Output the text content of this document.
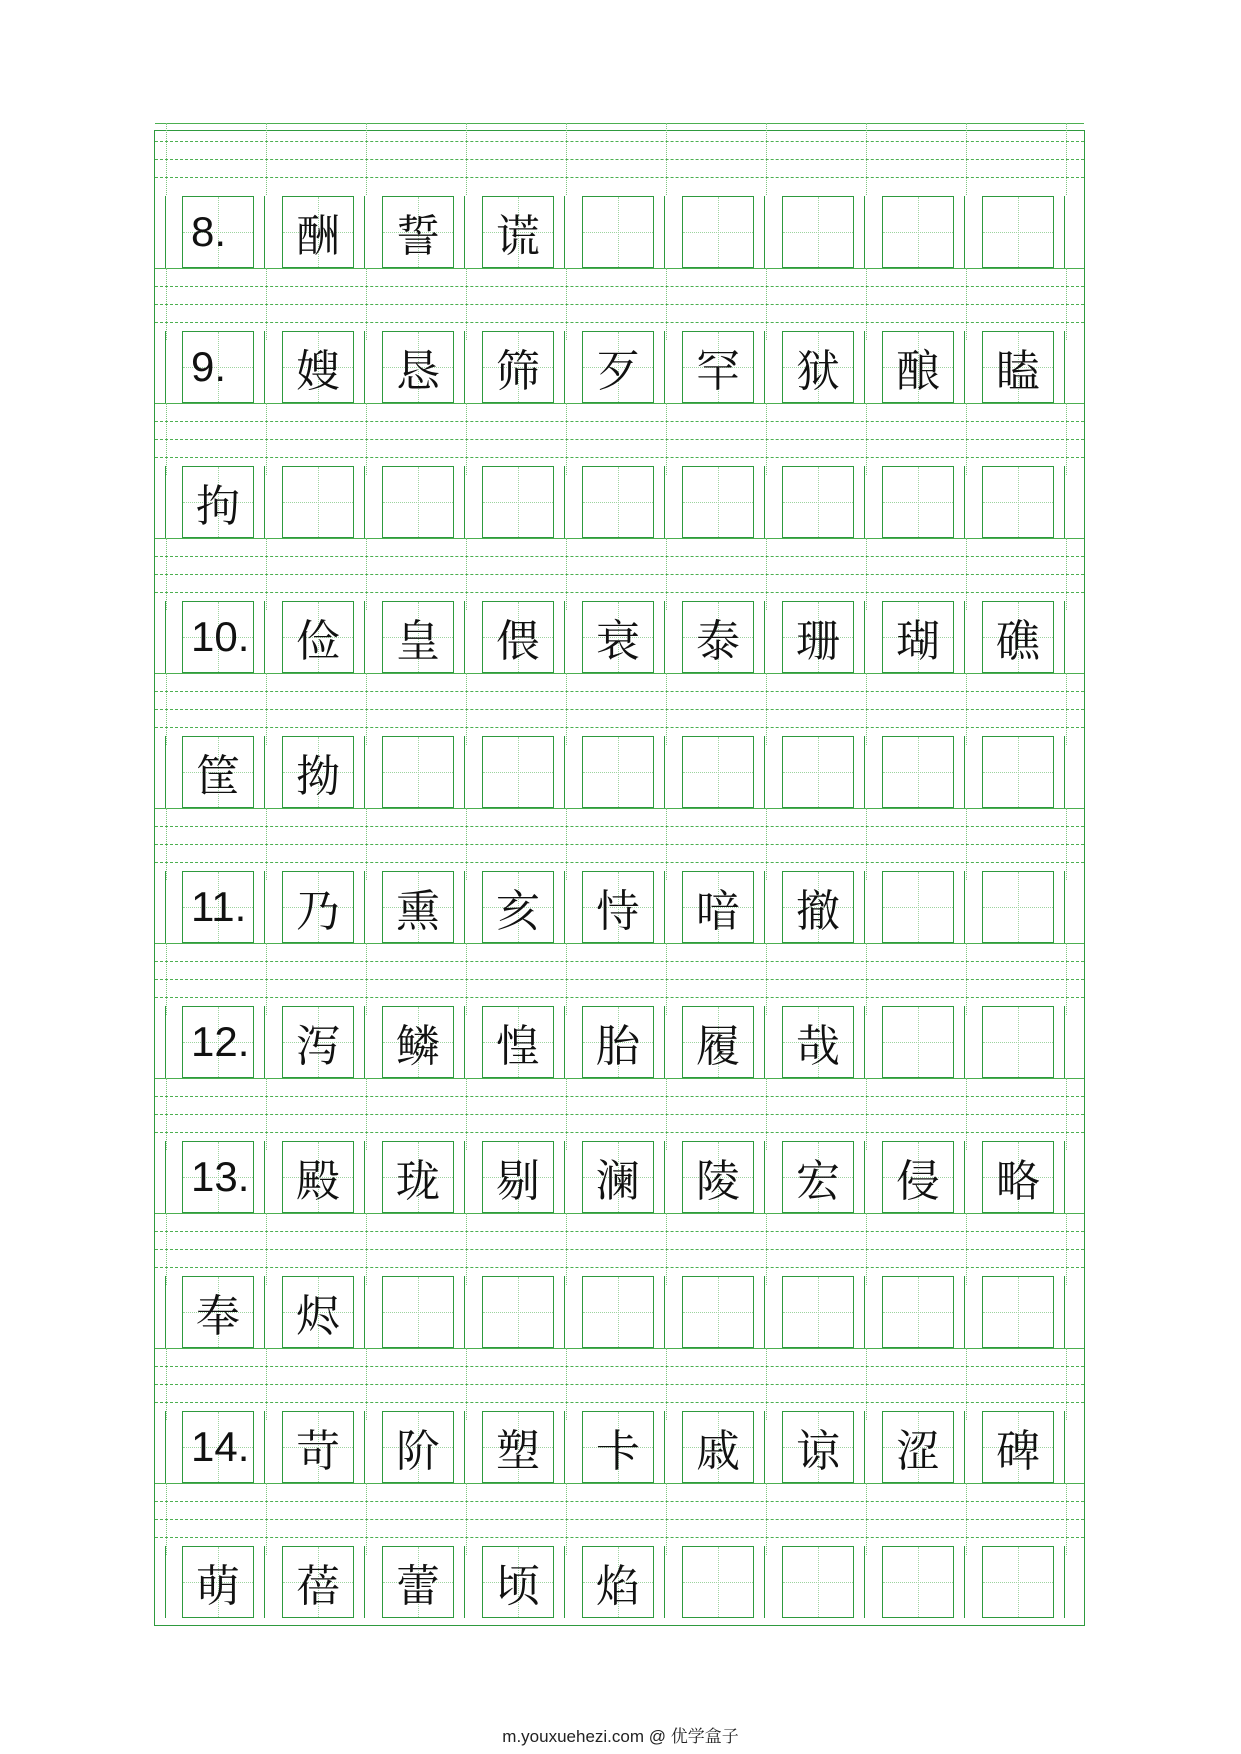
8.	酬 誓 谎
9.	嫂 恳 筛 歹 罕 狱 酿 瞌
拘
10. 俭 皇 偎 衰 泰 珊 瑚 礁
筐 拗
11. 乃 熏 亥 恃 喑 撤
12. 泻 鳞 惶 胎 履 哉
13. 殿 珑 剔 澜 陵 宏 侵 略
奉 烬
14. 苛 阶 塑 卡 戚 谅 涩 碑
萌 蓓 蕾 顷 焰
m.youxuehezi.com @ 优学盒子
